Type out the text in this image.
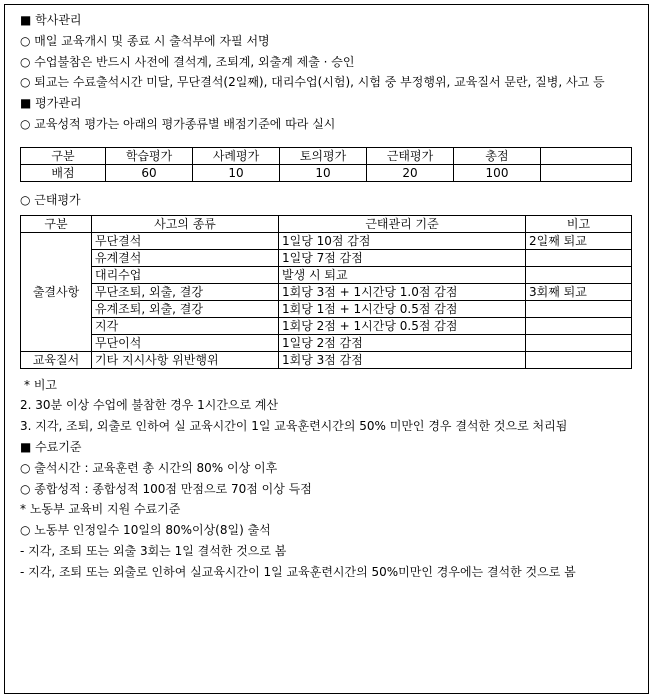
■ 학사관리
○ 매일 교육개시 및 종료 시 출석부에 자필 서명
○ 수업불참은 반드시 사전에 결석계, 조퇴계, 외출계 제출 · 승인
○ 퇴교는 수료출석시간 미달, 무단결석(2일째), 대리수업(시험), 시험 중 부정행위, 교육질서 문란, 질병, 사고 등
■ 평가관리
○ 교육성적 평가는 아래의 평가종류별 배점기준에 따라 실시
구분	학습평가	사례평가	토의평가	근태평가	총점	
배점	60	10	10	20	100	
○ 근태평가
구분	사고의 종류	근태관리 기준	비고
출결사항	무단결석	1일당 10점 감점	2일째 퇴교
	유계결석	1일당 7점 감점	
	대리수업	발생 시 퇴교	
	무단조퇴, 외출, 결강	1회당 3점 + 1시간당 1.0점 감점	3회째 퇴교
	유계조퇴, 외출, 결강	1회당 1점 + 1시간당 0.5점 감점	
	지각	1회당 2점 + 1시간당 0.5점 감점	
	무단이석	1일당 2점 감점	
교육질서	기타 지시사항 위반행위	1회당 3점 감점	
* 비고
2. 30분 이상 수업에 불참한 경우 1시간으로 계산
3. 지각, 조퇴, 외출로 인하여 실 교육시간이 1일 교육훈련시간의 50% 미만인 경우 결석한 것으로 처리됨
■ 수료기준
○ 출석시간 : 교육훈련 총 시간의 80% 이상 이후
○ 종합성적 : 종합성적 100점 만점으로 70점 이상 득점
* 노동부 교육비 지원 수료기준
○ 노동부 인정일수 10일의 80%이상(8일) 출석
- 지각, 조퇴 또는 외출 3회는 1일 결석한 것으로 봄
- 지각, 조퇴 또는 외출로 인하여 실교육시간이 1일 교육훈련시간의 50%미만인 경우에는 결석한 것으로 봄
